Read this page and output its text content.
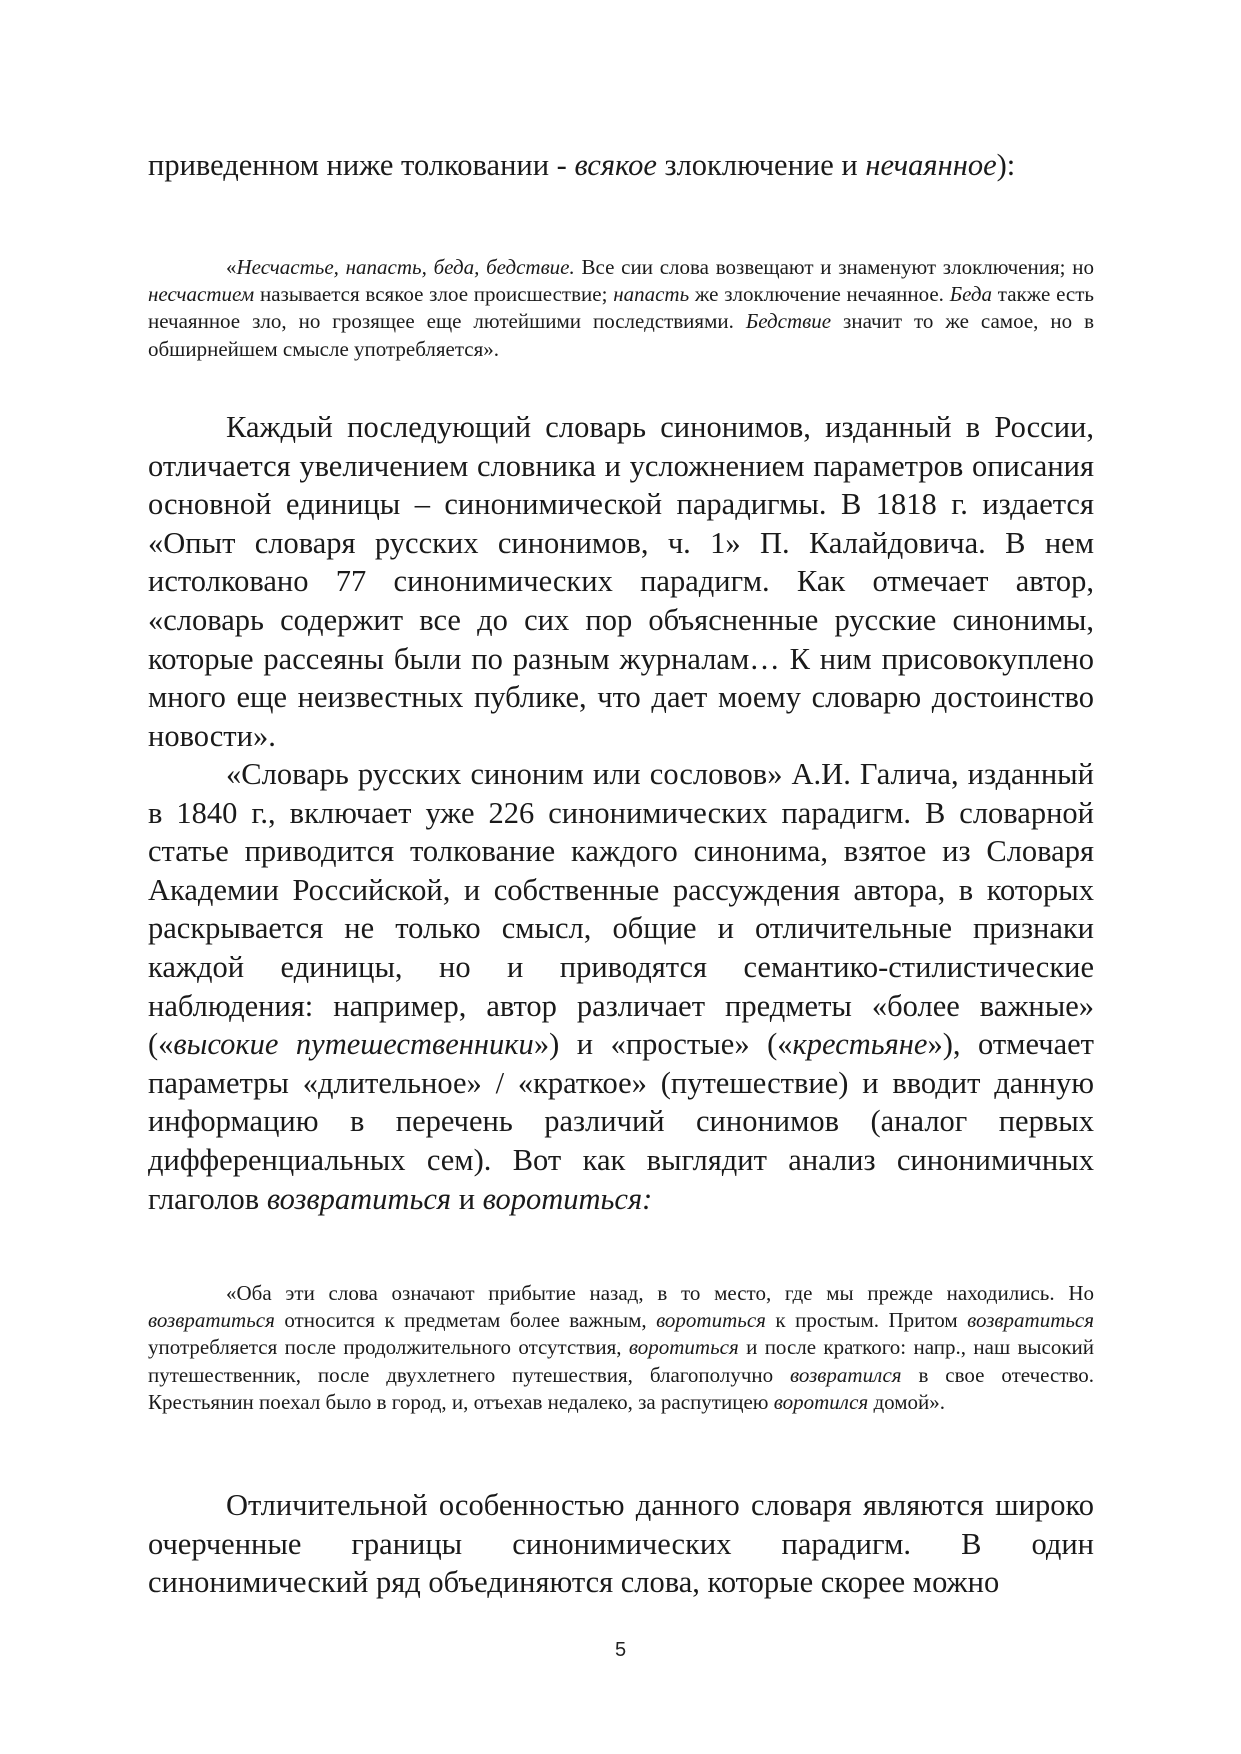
приведенном ниже толковании - всякое злоключение и нечаянное):

«Несчастье, напасть, беда, бедствие. Все сии слова возвещают и знаменуют злоключения; но несчастием называется всякое злое происшествие; напасть же злоключение нечаянное. Беда также есть нечаянное зло, но грозящее еще лютейшими последствиями. Бедствие значит то же самое, но в обширнейшем смысле употребляется».

Каждый последующий словарь синонимов, изданный в России, отличается увеличением словника и усложнением параметров описания основной единицы – синонимической парадигмы. В 1818 г. издается «Опыт словаря русских синонимов, ч. 1» П. Калайдовича. В нем истолковано 77 синонимических парадигм. Как отмечает автор, «словарь содержит все до сих пор объясненные русские синонимы, которые рассеяны были по разным журналам… К ним присовокуплено много еще неизвестных публике, что дает моему словарю достоинство новости».

«Словарь русских синоним или сословов» А.И. Галича, изданный в 1840 г., включает уже 226 синонимических парадигм. В словарной статье приводится толкование каждого синонима, взятое из Словаря Академии Российской, и собственные рассуждения автора, в которых раскрывается не только смысл, общие и отличительные признаки каждой единицы, но и приводятся семантико-стилистические наблюдения: например, автор различает предметы «более важные» («высокие путешественники») и «простые» («крестьяне»), отмечает параметры «длительное» / «краткое» (путешествие) и вводит данную информацию в перечень различий синонимов (аналог первых дифференциальных сем). Вот как выглядит анализ синонимичных глаголов возвратиться и воротиться:

«Оба эти слова означают прибытие назад, в то место, где мы прежде находились. Но возвратиться относится к предметам более важным, воротиться к простым. Притом возвратиться употребляется после продолжительного отсутствия, воротиться и после краткого: напр., наш высокий путешественник, после двухлетнего путешествия, благополучно возвратился в свое отечество. Крестьянин поехал было в город, и, отъехав недалеко, за распутицею воротился домой».

Отличительной особенностью данного словаря являются широко очерченные границы синонимических парадигм. В один синонимический ряд объединяются слова, которые скорее можно

5
